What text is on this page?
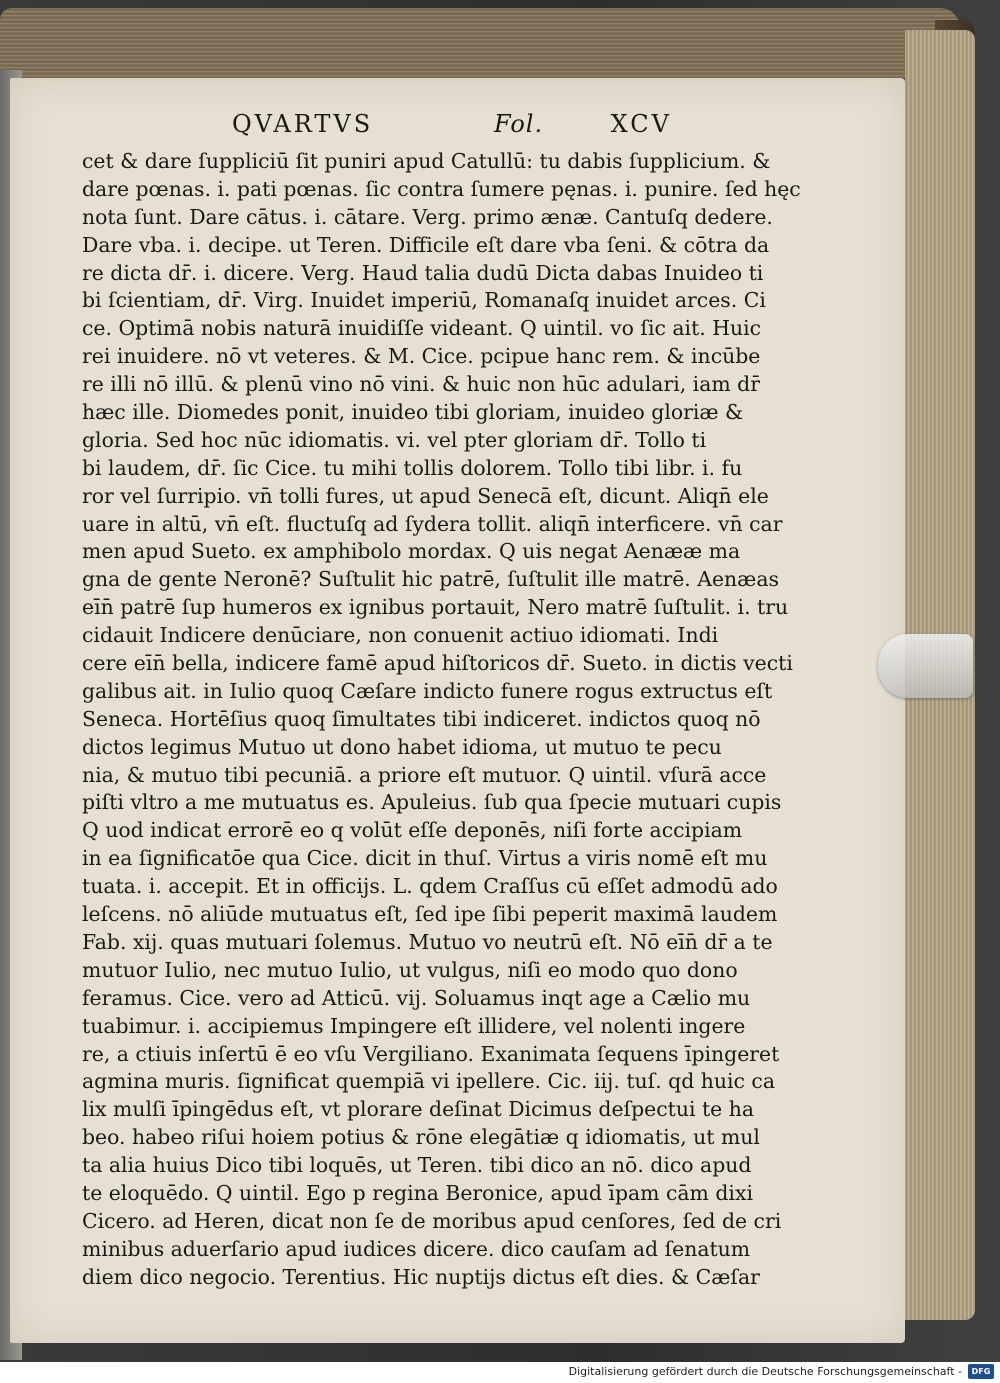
QVARTVS	Fol.	XCV
cet & dare ſuppliciū ſit puniri apud Catullū: tu dabis ſupplicium. &
dare pœnas. i. pati pœnas. ſic contra ſumere pęnas. i. punire. ſed hęc
nota ſunt. Dare cātus. i. cātare. Verg. primo ænæ. Cantuſq dedere.
Dare vba. i. decipe. ut Teren. Difficile eſt dare vba ſeni. & cōtra da
re dicta dr̄. i. dicere. Verg. Haud talia dudū Dicta dabas Inuideo ti
bi ſcientiam, dr̄. Virg. Inuidet imperiū, Romanaſq inuidet arces. Ci
ce. Optimā nobis naturā inuidiſſe videant. Q uintil. vo ſic ait. Huic
rei inuidere. nō vt veteres. & M. Cice. pcipue hanc rem. & incūbe
re illi nō illū. & plenū vino nō vini. & huic non hūc adulari, iam dr̄
hæc ille. Diomedes ponit, inuideo tibi gloriam, inuideo gloriæ &
gloria. Sed hoc nūc idiomatis. vi. vel pter gloriam dr̄. Tollo ti
bi laudem, dr̄. ſic Cice. tu mihi tollis dolorem. Tollo tibi libr. i. fu
ror vel ſurripio. vn̄ tolli fures, ut apud Senecā eſt, dicunt. Aliqn̄ ele
uare in altū, vn̄ eſt. fluctuſq ad ſydera tollit. aliqn̄ interficere. vn̄ car
men apud Sueto. ex amphibolo mordax. Q uis negat Aenææ ma
gna de gente Neronē? Suſtulit hic patrē, ſuſtulit ille matrē. Aenæas
eīn̄ patrē ſup humeros ex ignibus portauit, Nero matrē ſuſtulit. i. tru
cidauit Indicere denūciare, non conuenit actiuo idiomati. Indi
cere eīn̄ bella, indicere famē apud hiſtoricos dr̄. Sueto. in dictis vecti
galibus ait. in Iulio quoq Cæſare indicto funere rogus extructus eſt
Seneca. Hortēſius quoq ſimultates tibi indiceret. indictos quoq nō
dictos legimus Mutuo ut dono habet idioma, ut mutuo te pecu
nia, & mutuo tibi pecuniā. a priore eſt mutuor. Q uintil. vſurā acce
piſti vltro a me mutuatus es. Apuleius. ſub qua ſpecie mutuari cupis
Q uod indicat errorē eo q volūt eſſe deponēs, niſi forte accipiam
in ea ſignificatōe qua Cice. dicit in thuſ. Virtus a viris nomē eſt mu
tuata. i. accepit. Et in officijs. L. qdem Craſſus cū eſſet admodū ado
leſcens. nō aliūde mutuatus eſt, ſed ipe ſibi peperit maximā laudem
Fab. xij. quas mutuari ſolemus. Mutuo vo neutrū eſt. Nō eīn̄ dr̄ a te
mutuor Iulio, nec mutuo Iulio, ut vulgus, niſi eo modo quo dono
feramus. Cice. vero ad Atticū. vij. Soluamus inqt age a Cælio mu
tuabimur. i. accipiemus Impingere eſt illidere, vel nolenti ingere
re, a ctiuis inſertū ē eo vſu Vergiliano. Exanimata ſequens īpingeret
agmina muris. ſignificat quempiā vi ipellere. Cic. iij. tuſ. qd huic ca
lix mulſi īpingēdus eſt, vt plorare deſinat Dicimus deſpectui te ha
beo. habeo riſui hoiem potius & rōne elegātiæ q idiomatis, ut mul
ta alia huius Dico tibi loquēs, ut Teren. tibi dico an nō. dico apud
te eloquēdo. Q uintil. Ego p regina Beronice, apud īpam cām dixi
Cicero. ad Heren, dicat non ſe de moribus apud cenſores, ſed de cri
minibus aduerſario apud iudices dicere. dico cauſam ad ſenatum
diem dico negocio. Terentius. Hic nuptijs dictus eſt dies. & Cæſar
Digitalisierung gefördert durch die Deutsche Forschungsgemeinschaft -	DFG
